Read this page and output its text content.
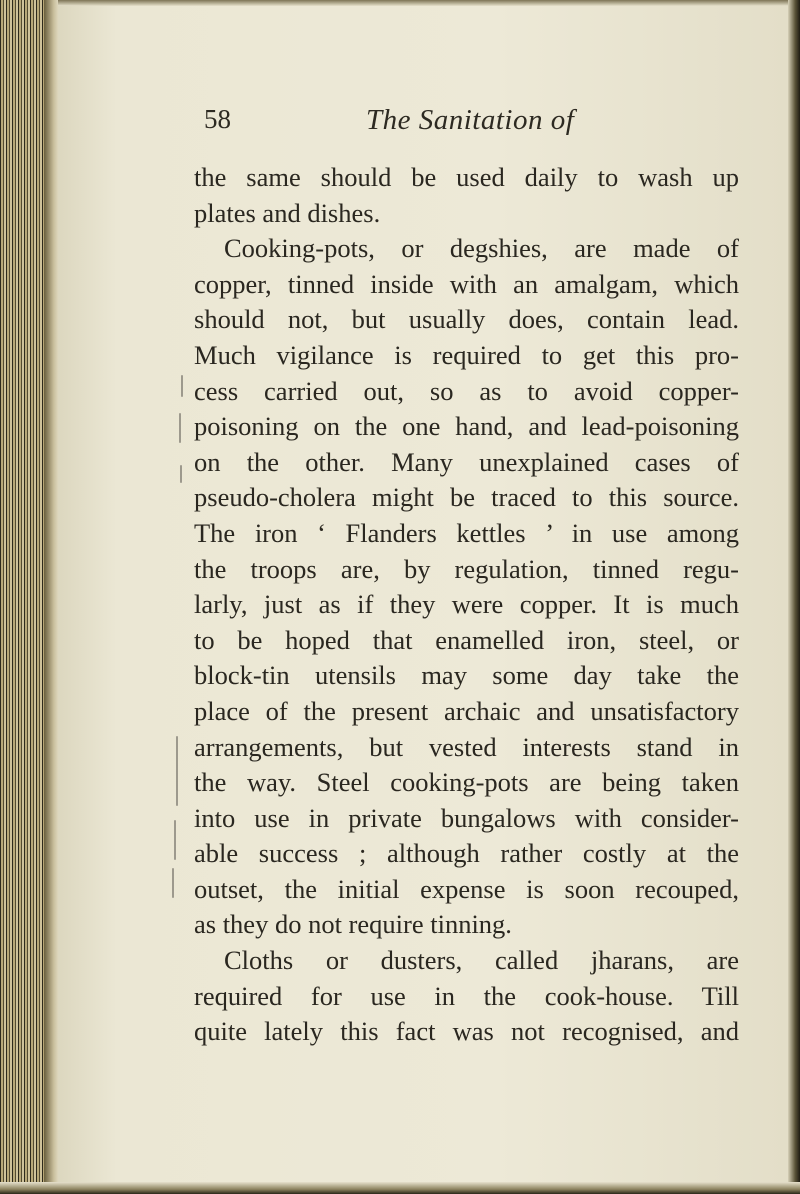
58	The Sanitation of
the same should be used daily to wash up
plates and dishes.
Cooking-pots, or degshies, are made of
copper, tinned inside with an amalgam, which
should not, but usually does, contain lead.
Much vigilance is required to get this pro-
cess carried out, so as to avoid copper-
poisoning on the one hand, and lead-poisoning
on the other. Many unexplained cases of
pseudo-cholera might be traced to this source.
The iron ‘ Flanders kettles ’ in use among
the troops are, by regulation, tinned regu-
larly, just as if they were copper. It is much
to be hoped that enamelled iron, steel, or
block-tin utensils may some day take the
place of the present archaic and unsatisfactory
arrangements, but vested interests stand in
the way. Steel cooking-pots are being taken
into use in private bungalows with consider-
able success ; although rather costly at the
outset, the initial expense is soon recouped,
as they do not require tinning.
Cloths or dusters, called jharans, are
required for use in the cook-house. Till
quite lately this fact was not recognised, and
